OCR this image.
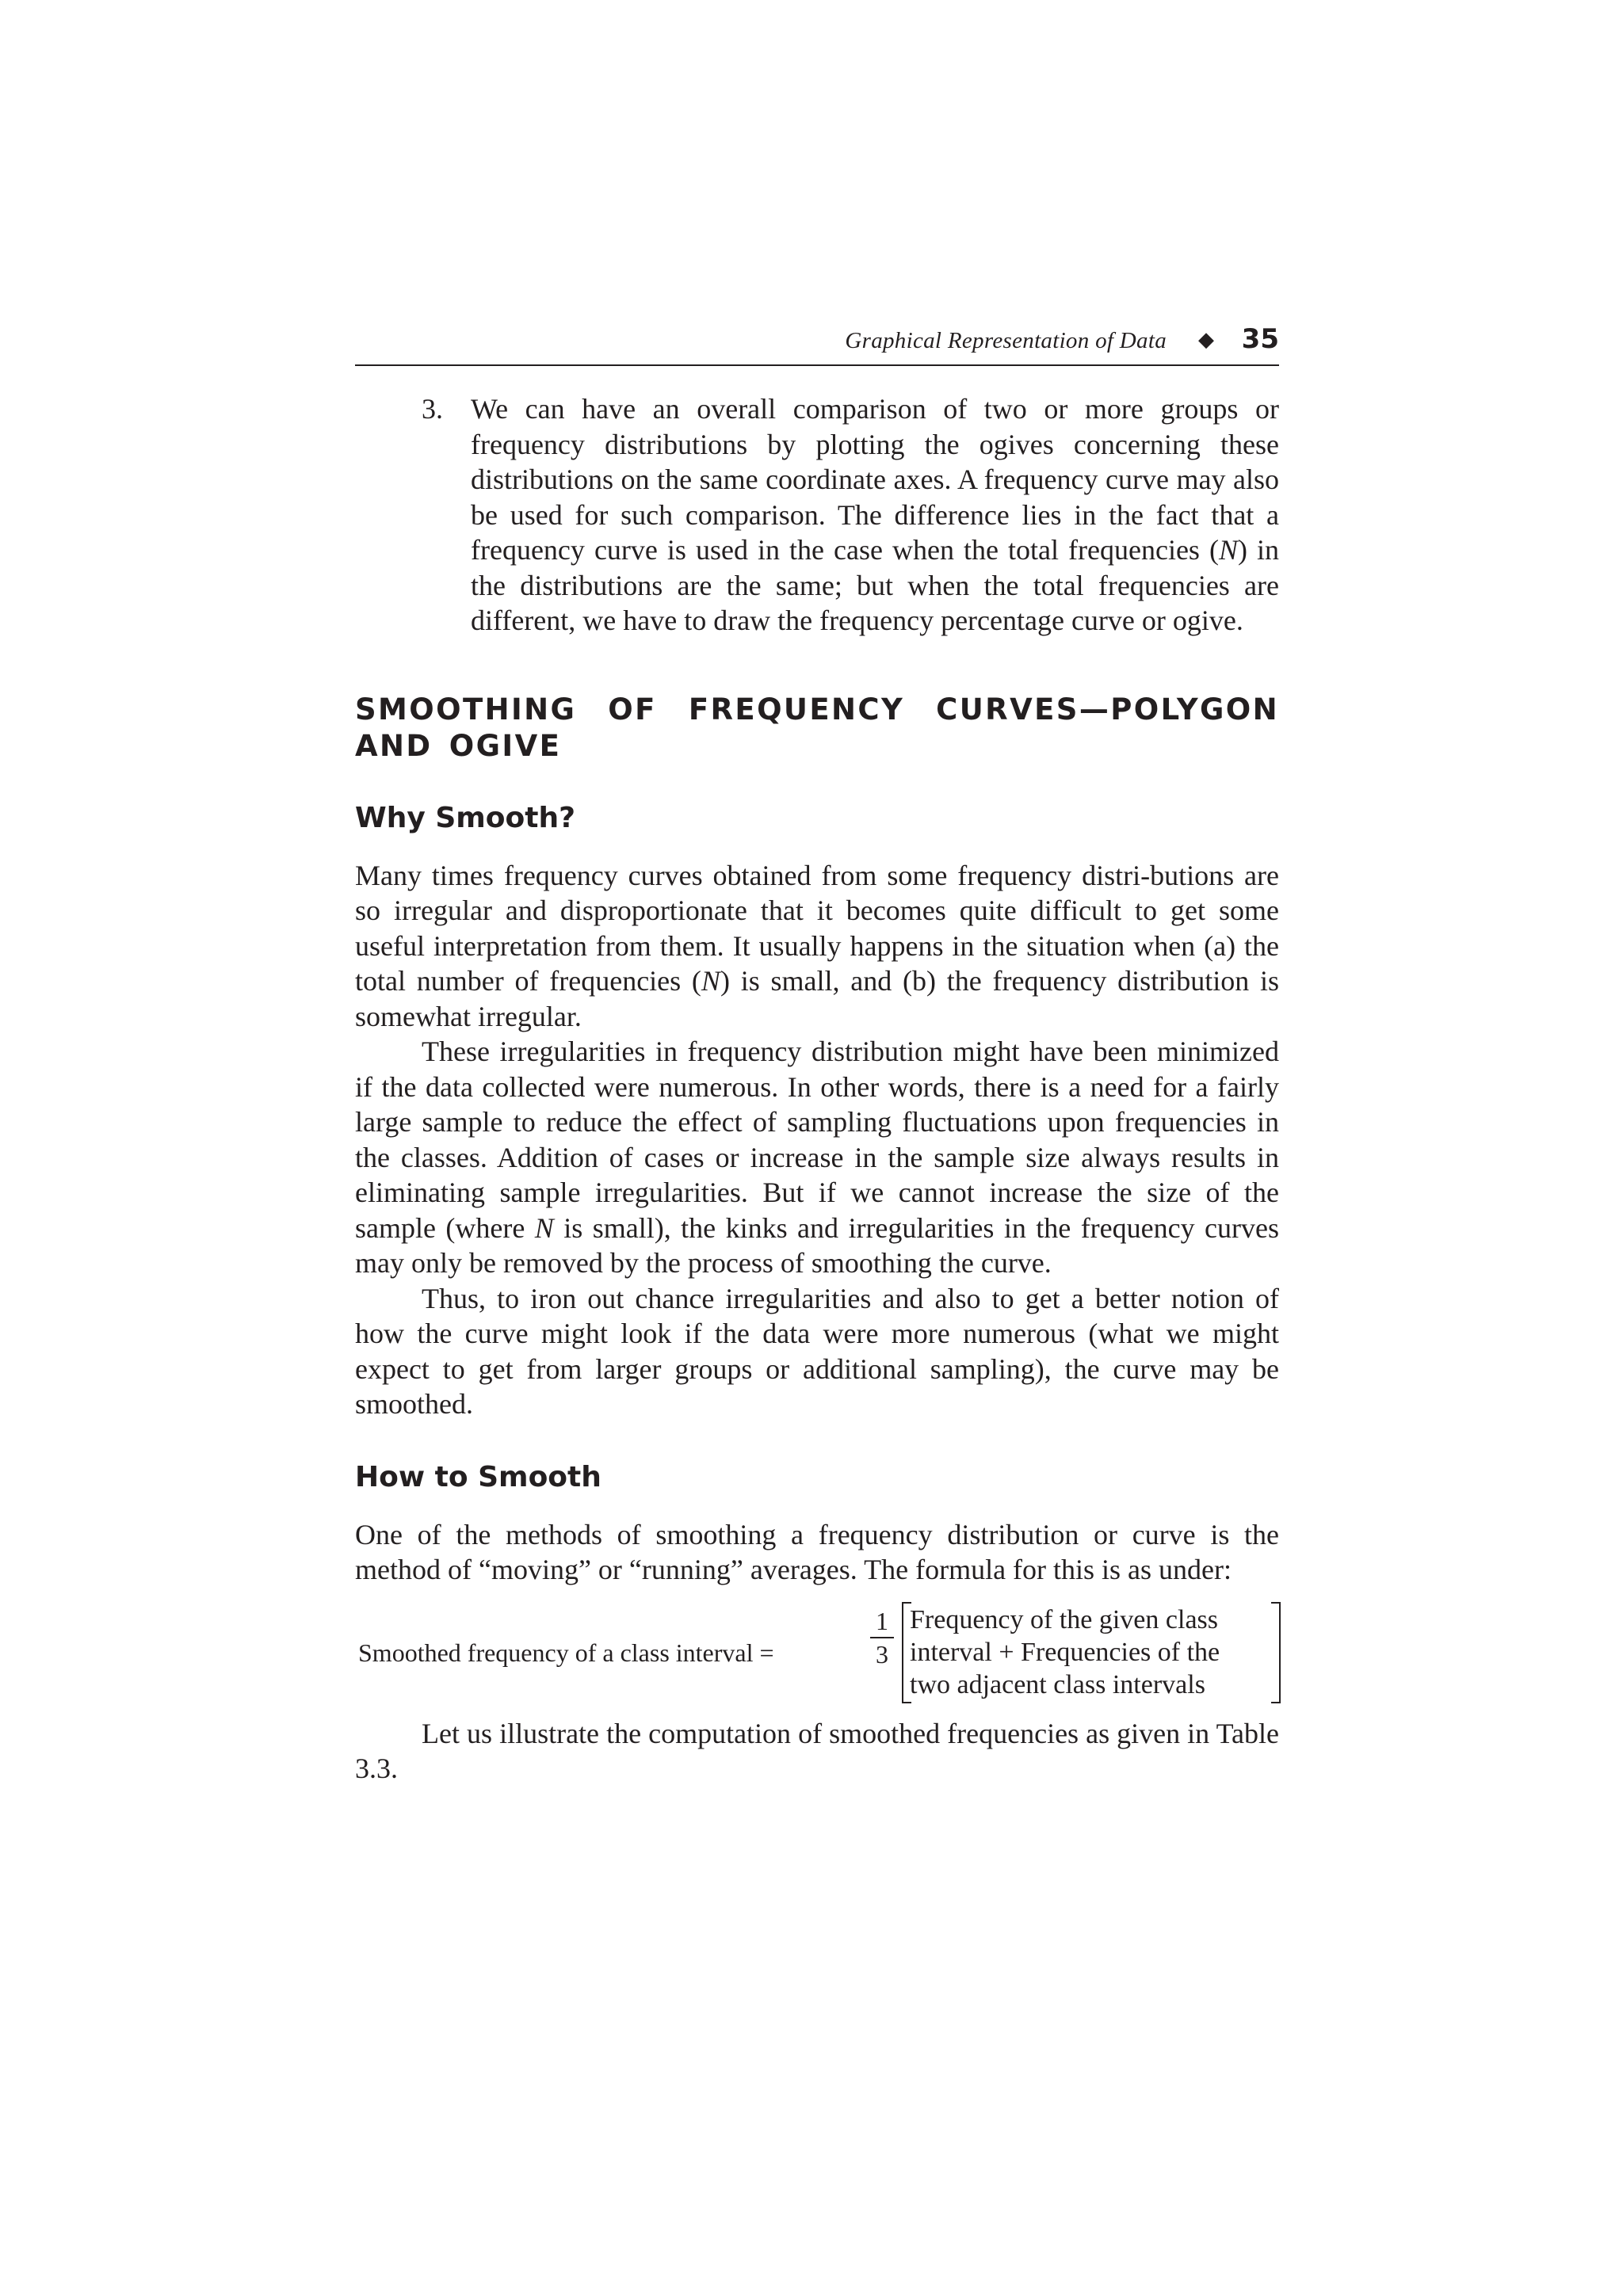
Graphical Representation of Data ◆ 35
3. We can have an overall comparison of two or more groups or frequency distributions by plotting the ogives concerning these distributions on the same coordinate axes. A frequency curve may also be used for such comparison. The difference lies in the fact that a frequency curve is used in the case when the total frequencies (N) in the distributions are the same; but when the total frequencies are different, we have to draw the frequency percentage curve or ogive.
SMOOTHING OF FREQUENCY CURVES—POLYGON AND OGIVE
Why Smooth?

Many times frequency curves obtained from some frequency distri-butions are so irregular and disproportionate that it becomes quite difficult to get some useful interpretation from them. It usually happens in the situation when (a) the total number of frequencies (N) is small, and (b) the frequency distribution is somewhat irregular.

These irregularities in frequency distribution might have been minimized if the data collected were numerous. In other words, there is a need for a fairly large sample to reduce the effect of sampling fluctuations upon frequencies in the classes. Addition of cases or increase in the sample size always results in eliminating sample irregularities. But if we cannot increase the size of the sample (where N is small), the kinks and irregularities in the frequency curves may only be removed by the process of smoothing the curve.

Thus, to iron out chance irregularities and also to get a better notion of how the curve might look if the data were more numerous (what we might expect to get from larger groups or additional sampling), the curve may be smoothed.

How to Smooth

One of the methods of smoothing a frequency distribution or curve is the method of “moving” or “running” averages. The formula for this is as under:

Smoothed frequency of a class interval =
1
3
Frequency of the given class
interval + Frequencies of the
two adjacent class intervals

Let us illustrate the computation of smoothed frequencies as given in Table 3.3.
